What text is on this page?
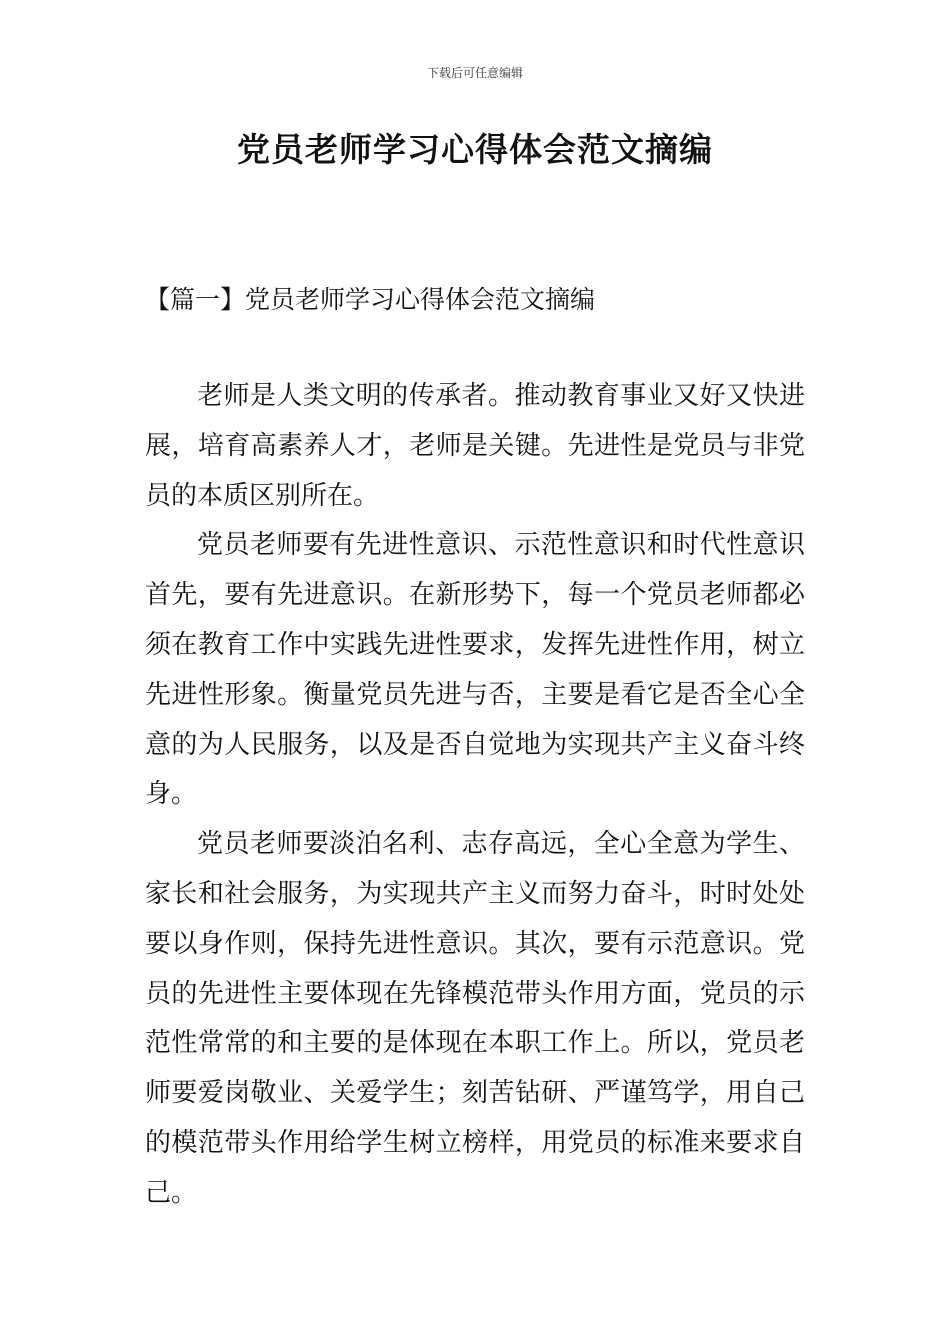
下载后可任意编辑
党员老师学习心得体会范文摘编
【篇一】党员老师学习心得体会范文摘编

老师是人类文明的传承者。推动教育事业又好又快进展，培育高素养人才，老师是关键。先进性是党员与非党员的本质区别所在。

党员老师要有先进性意识、示范性意识和时代性意识首先，要有先进意识。在新形势下，每一个党员老师都必须在教育工作中实践先进性要求，发挥先进性作用，树立先进性形象。衡量党员先进与否，主要是看它是否全心全意的为人民服务，以及是否自觉地为实现共产主义奋斗终身。

党员老师要淡泊名利、志存高远，全心全意为学生、家长和社会服务，为实现共产主义而努力奋斗，时时处处要以身作则，保持先进性意识。其次，要有示范意识。党员的先进性主要体现在先锋模范带头作用方面，党员的示范性常常的和主要的是体现在本职工作上。所以，党员老师要爱岗敬业、关爱学生；刻苦钻研、严谨笃学，用自己的模范带头作用给学生树立榜样，用党员的标准来要求自己。
